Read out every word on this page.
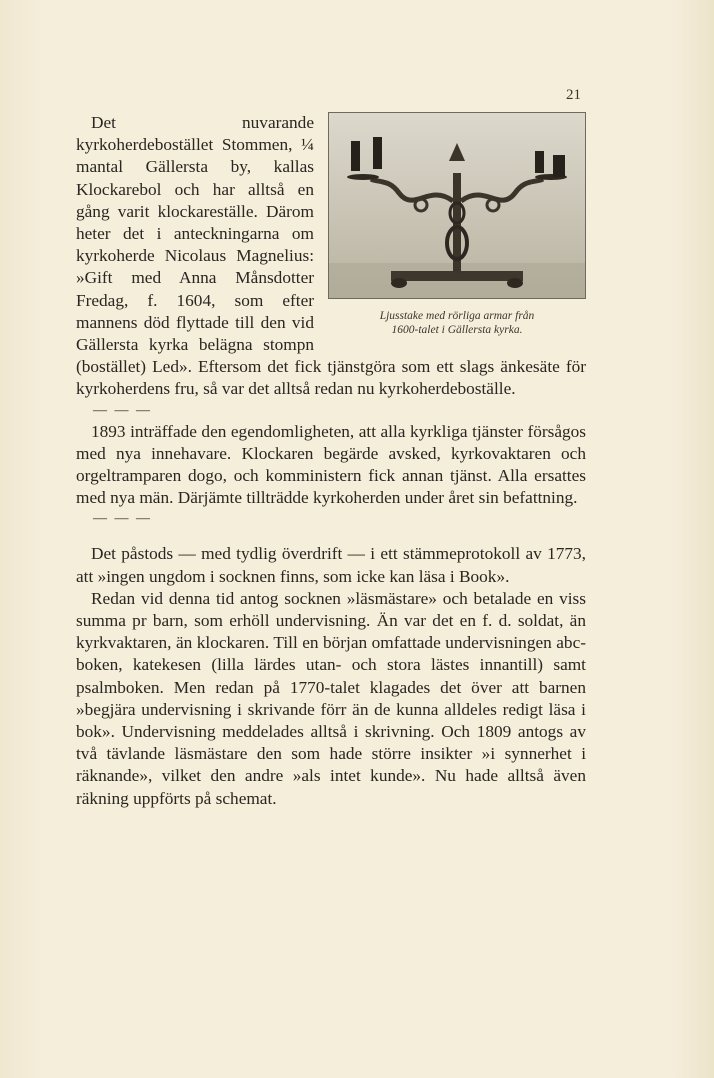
21
Ljusstake med rörliga armar från
1600-talet i Gällersta kyrka.

Det nuvarande kyrkoherdebostället Stommen, ¼ mantal Gällersta by, kallas Klockarebol och har alltså en gång varit klockareställe. Därom heter det i anteckningarna om kyrkoherde Nicolaus Magnelius: »Gift med Anna Månsdotter Fredag, f. 1604, som efter mannens död flyttade till den vid Gällersta kyrka belägna stompn (bostället) Led». Eftersom det fick tjänstgöra som ett slags änkesäte för kyrkoherdens fru, så var det alltså redan nu kyrkoherdeboställe.

— — —

1893 inträffade den egendomligheten, att alla kyrkliga tjänster försågos med nya innehavare. Klockaren begärde avsked, kyrkovaktaren och orgeltramparen dogo, och komministern fick annan tjänst. Alla ersattes med nya män. Därjämte tillträdde kyrkoherden under året sin befattning.

— — —

Det påstods — med tydlig överdrift — i ett stämmeprotokoll av 1773, att »ingen ungdom i socknen finns, som icke kan läsa i Book».

Redan vid denna tid antog socknen »läsmästare» och betalade en viss summa pr barn, som erhöll undervisning. Än var det en f. d. soldat, än kyrkvaktaren, än klockaren. Till en början omfattade undervisningen abc-boken, katekesen (lilla lärdes utan- och stora lästes innantill) samt psalmboken. Men redan på 1770-talet klagades det över att barnen »begjära undervisning i skrivande förr än de kunna alldeles redigt läsa i bok». Undervisning meddelades alltså i skrivning. Och 1809 antogs av två tävlande läsmästare den som hade större insikter »i synnerhet i räknande», vilket den andre »als intet kunde». Nu hade alltså även räkning uppförts på schemat.
